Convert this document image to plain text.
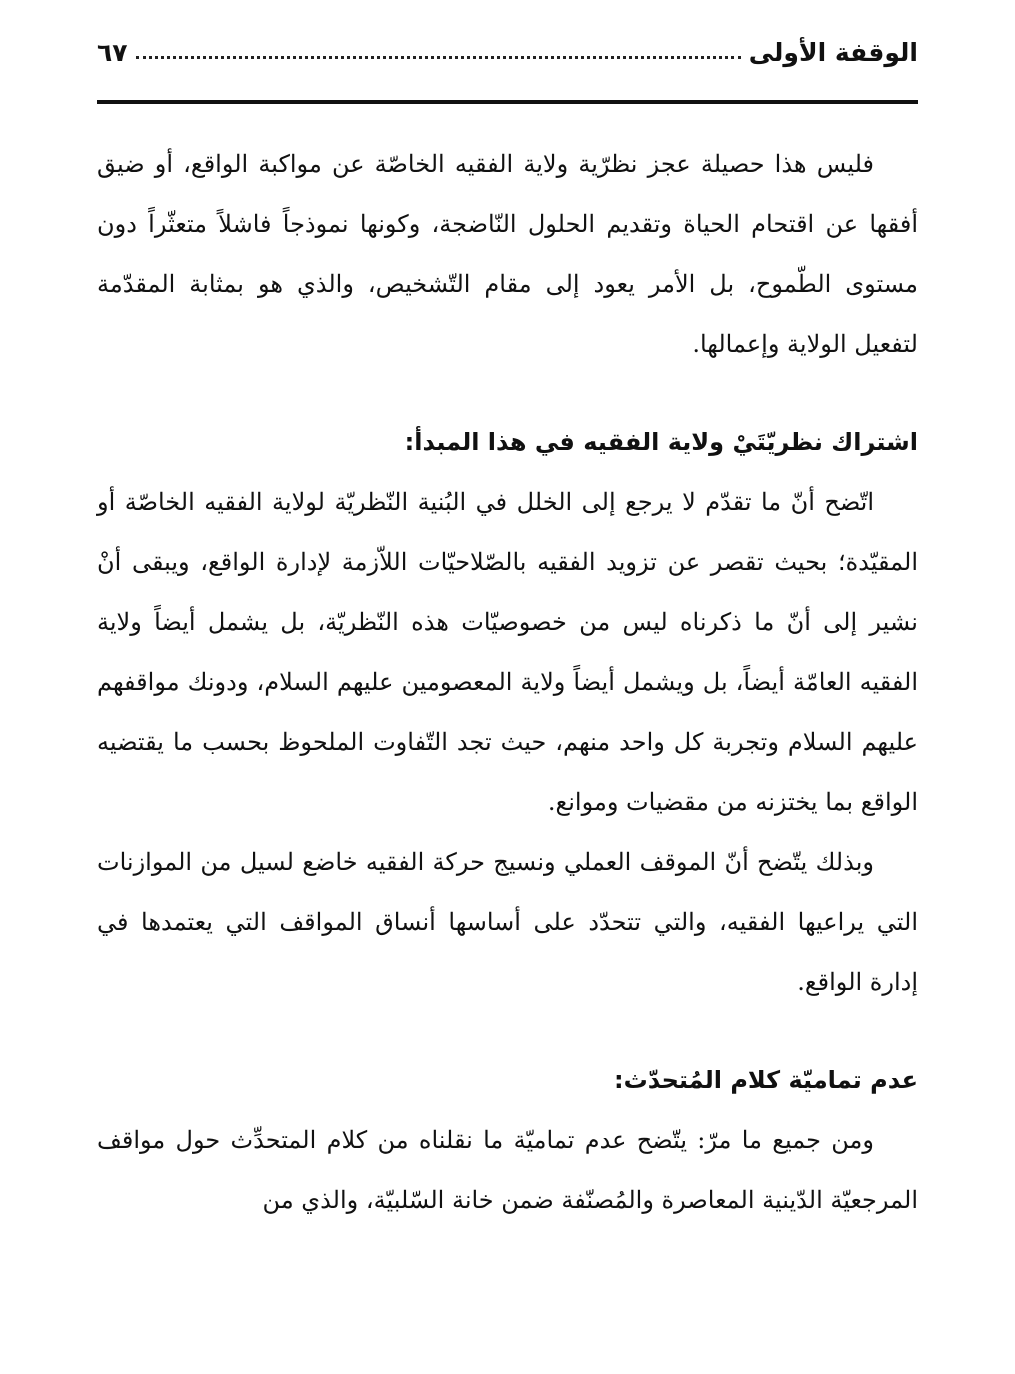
الوقفة الأولى
٦٧

فليس هذا حصيلة عجز نظرّية ولاية الفقيه الخاصّة عن مواكبة الواقع، أو ضيق أفقها عن اقتحام الحياة وتقديم الحلول النّاضجة، وكونها نموذجاً فاشلاً متعثّراً دون مستوى الطّموح، بل الأمر يعود إلى مقام التّشخيص، والذي هو بمثابة المقدّمة لتفعيل الولاية وإعمالها.

اشتراك نظريّتَيْ ولاية الفقيه في هذا المبدأ:

اتّضح أنّ ما تقدّم لا يرجع إلى الخلل في البُنية النّظريّة لولاية الفقيه الخاصّة أو المقيّدة؛ بحيث تقصر عن تزويد الفقيه بالصّلاحيّات اللاّزمة لإدارة الواقع، ويبقى أنْ نشير إلى أنّ ما ذكرناه ليس من خصوصيّات هذه النّظريّة، بل يشمل أيضاً ولاية الفقيه العامّة أيضاً، بل ويشمل أيضاً ولاية المعصومين عليهم السلام، ودونك مواقفهم عليهم السلام وتجربة كل واحد منهم، حيث تجد التّفاوت الملحوظ بحسب ما يقتضيه الواقع بما يختزنه من مقضيات وموانع.

وبذلك يتّضح أنّ الموقف العملي ونسيج حركة الفقيه خاضع لسيل من الموازنات التي يراعيها الفقيه، والتي تتحدّد على أساسها أنساق المواقف التي يعتمدها في إدارة الواقع.

عدم تماميّة كلام المُتحدّث:

ومن جميع ما مرّ: يتّضح عدم تماميّة ما نقلناه من كلام المتحدِّث حول مواقف المرجعيّة الدّينية المعاصرة والمُصنّفة ضمن خانة السّلبيّة، والذي من
